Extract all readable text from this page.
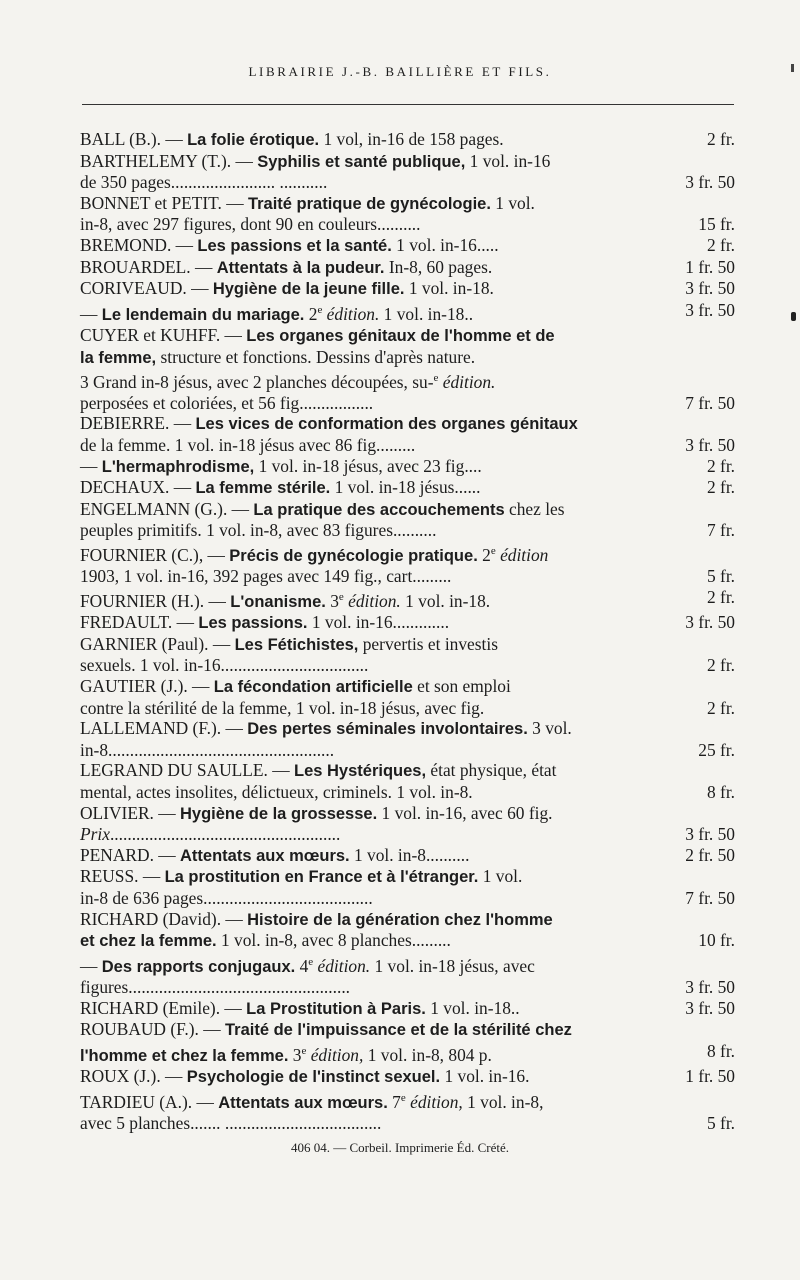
LIBRAIRIE J.-B. BAILLIÈRE ET FILS.
BALL (B.). — La folie érotique. 1 vol, in-16 de 158 pages.	2 fr.
BARTHELEMY (T.). — Syphilis et santé publique, 1 vol. in-16
de 350 pages........................ ...........	3 fr. 50
BONNET et PETIT. — Traité pratique de gynécologie. 1 vol.
in-8, avec 297 figures, dont 90 en couleurs..........	15 fr.
BREMOND. — Les passions et la santé. 1 vol. in-16.....	2 fr.
BROUARDEL. — Attentats à la pudeur. In-8, 60 pages.	1 fr. 50
CORIVEAUD. — Hygiène de la jeune fille. 1 vol. in-18.	3 fr. 50
— Le lendemain du mariage. 2e édition. 1 vol. in-18..	3 fr. 50
CUYER et KUHFF. — Les organes génitaux de l'homme et de
la femme, structure et fonctions. Dessins d'après nature.
3 Grand in-8 jésus, avec 2 planches découpées, su-$^e$ édition.
perposées et coloriées, et 56 fig.................	7 fr. 50
DEBIERRE. — Les vices de conformation des organes génitaux
de la femme. 1 vol. in-18 jésus avec 86 fig.........	3 fr. 50
— L'hermaphrodisme, 1 vol. in-18 jésus, avec 23 fig....	2 fr.
DECHAUX. — La femme stérile. 1 vol. in-18 jésus......	2 fr.
ENGELMANN (G.). — La pratique des accouchements chez les
peuples primitifs. 1 vol. in-8, avec 83 figures..........	7 fr.
FOURNIER (C.), — Précis de gynécologie pratique. 2e édition
1903, 1 vol. in-16, 392 pages avec 149 fig., cart.........	5 fr.
FOURNIER (H.). — L'onanisme. 3e édition. 1 vol. in-18.	2 fr.
FREDAULT. — Les passions. 1 vol. in-16.............	3 fr. 50
GARNIER (Paul). — Les Fétichistes, pervertis et investis
sexuels. 1 vol. in-16..................................	2 fr.
GAUTIER (J.). — La fécondation artificielle et son emploi
contre la stérilité de la femme, 1 vol. in-18 jésus, avec fig.	2 fr.
LALLEMAND (F.). — Des pertes séminales involontaires. 3 vol.
in-8....................................................	25 fr.
LEGRAND DU SAULLE. — Les Hystériques, état physique, état
mental, actes insolites, délictueux, criminels. 1 vol. in-8.	8 fr.
OLIVIER. — Hygiène de la grossesse. 1 vol. in-16, avec 60 fig.
Prix.....................................................	3 fr. 50
PENARD. — Attentats aux mœurs. 1 vol. in-8..........	2 fr. 50
REUSS. — La prostitution en France et à l'étranger. 1 vol.
in-8 de 636 pages.......................................	7 fr. 50
RICHARD (David). — Histoire de la génération chez l'homme
et chez la femme. 1 vol. in-8, avec 8 planches.........	10 fr.
— Des rapports conjugaux. 4e édition. 1 vol. in-18 jésus, avec
figures...................................................	3 fr. 50
RICHARD (Emile). — La Prostitution à Paris. 1 vol. in-18..	3 fr. 50
ROUBAUD (F.). — Traité de l'impuissance et de la stérilité chez
l'homme et chez la femme. 3e édition, 1 vol. in-8, 804 p.	8 fr.
ROUX (J.). — Psychologie de l'instinct sexuel. 1 vol. in-16.	1 fr. 50
TARDIEU (A.). — Attentats aux mœurs. 7e édition, 1 vol. in-8,
avec 5 planches....... ....................................	5 fr.
406 04. — Corbeil. Imprimerie Éd. Crété.
